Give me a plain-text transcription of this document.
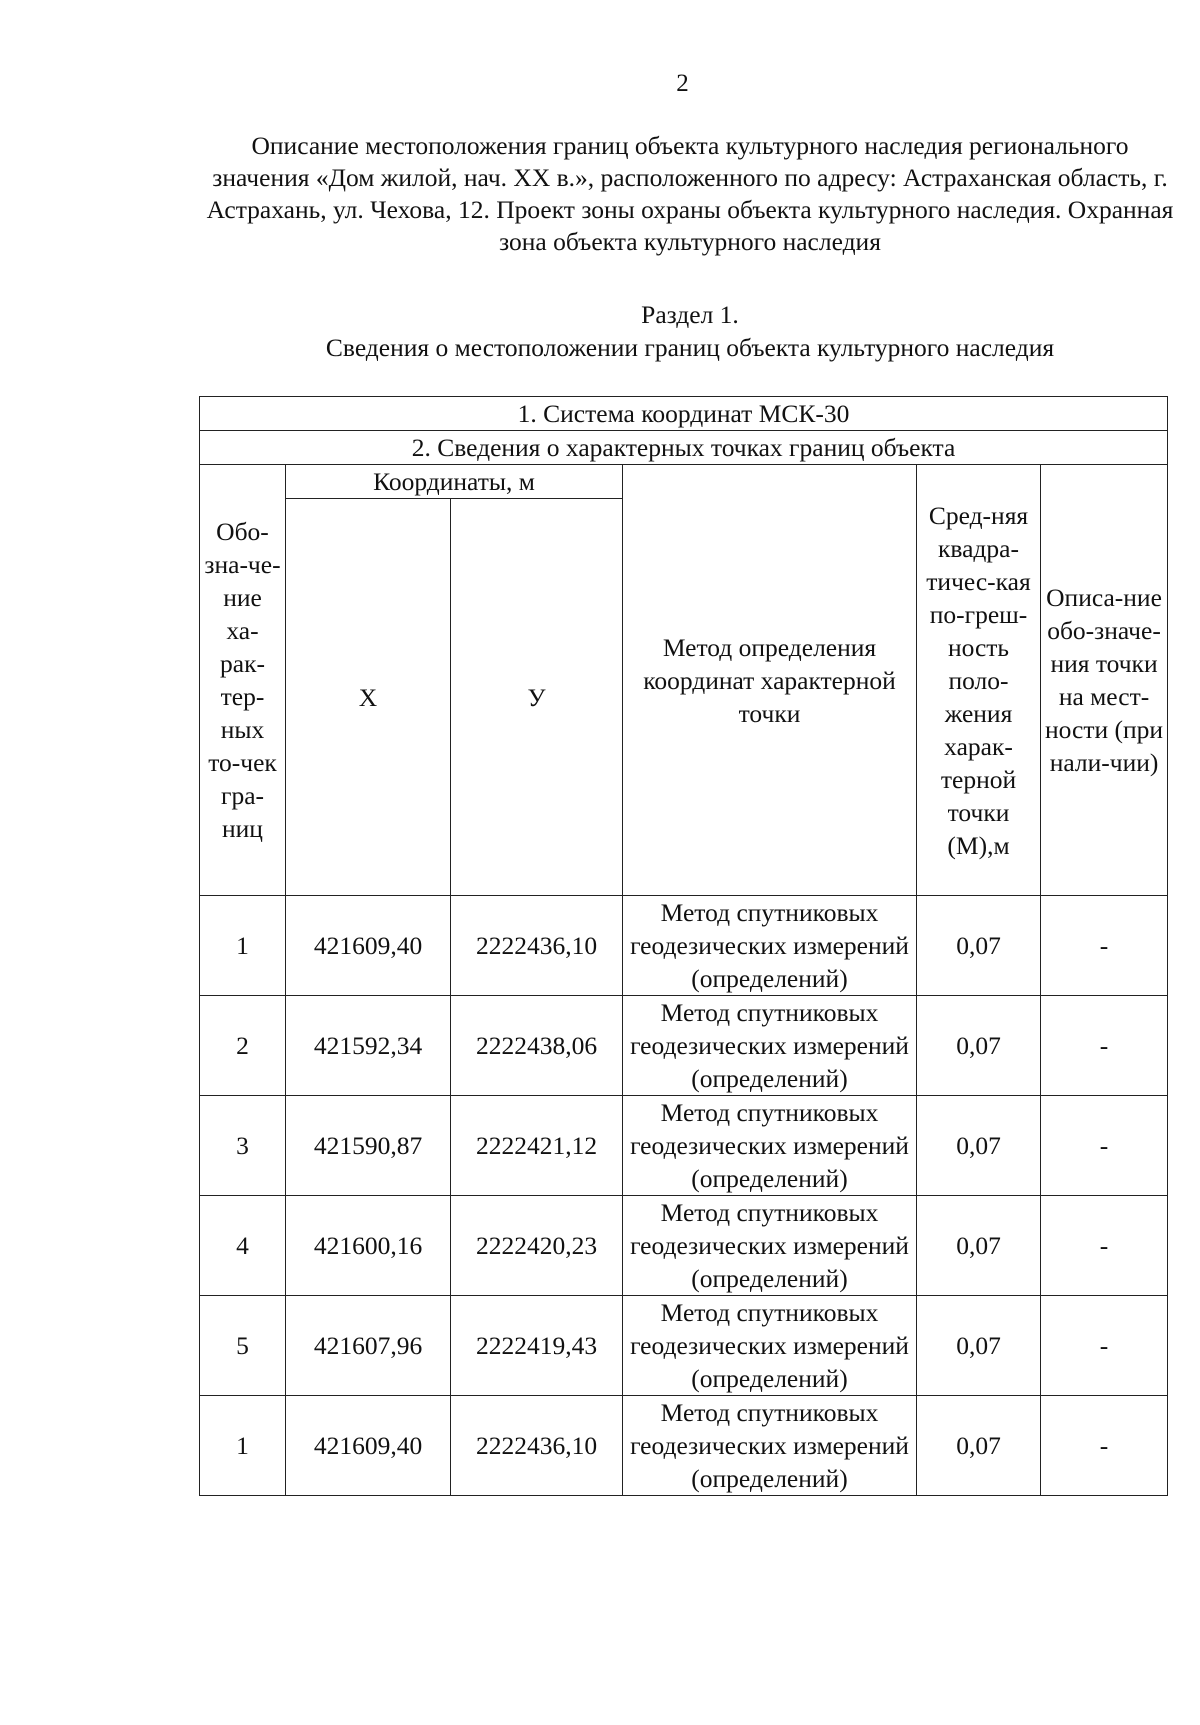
2
Описание местоположения границ объекта культурного наследия регионального значения «Дом жилой, нач. XX в.», расположенного по адресу: Астраханская область, г. Астрахань, ул. Чехова, 12. Проект зоны охраны объекта культурного наследия. Охранная зона объекта культурного наследия
Раздел 1.
Сведения о местоположении границ объекта культурного наследия
1. Система координат МСК-30					
2. Сведения о характерных точках границ объекта					
Обо-зна-че-ние ха-рак-тер-ных то-чек гра-ниц	Координаты, м		Метод определения координат характерной точки	Сред-няя квадра-тичес-кая по-греш-ность поло-жения харак-терной точки (М),м	Описа-ние обо-значе-ния точки на мест-ности (при нали-чии)
	X	У			
1	421609,40	2222436,10	Метод спутниковых геодезических измерений (определений)	0,07	-
2	421592,34	2222438,06	Метод спутниковых геодезических измерений (определений)	0,07	-
3	421590,87	2222421,12	Метод спутниковых геодезических измерений (определений)	0,07	-
4	421600,16	2222420,23	Метод спутниковых геодезических измерений (определений)	0,07	-
5	421607,96	2222419,43	Метод спутниковых геодезических измерений (определений)	0,07	-
1	421609,40	2222436,10	Метод спутниковых геодезических измерений (определений)	0,07	-
